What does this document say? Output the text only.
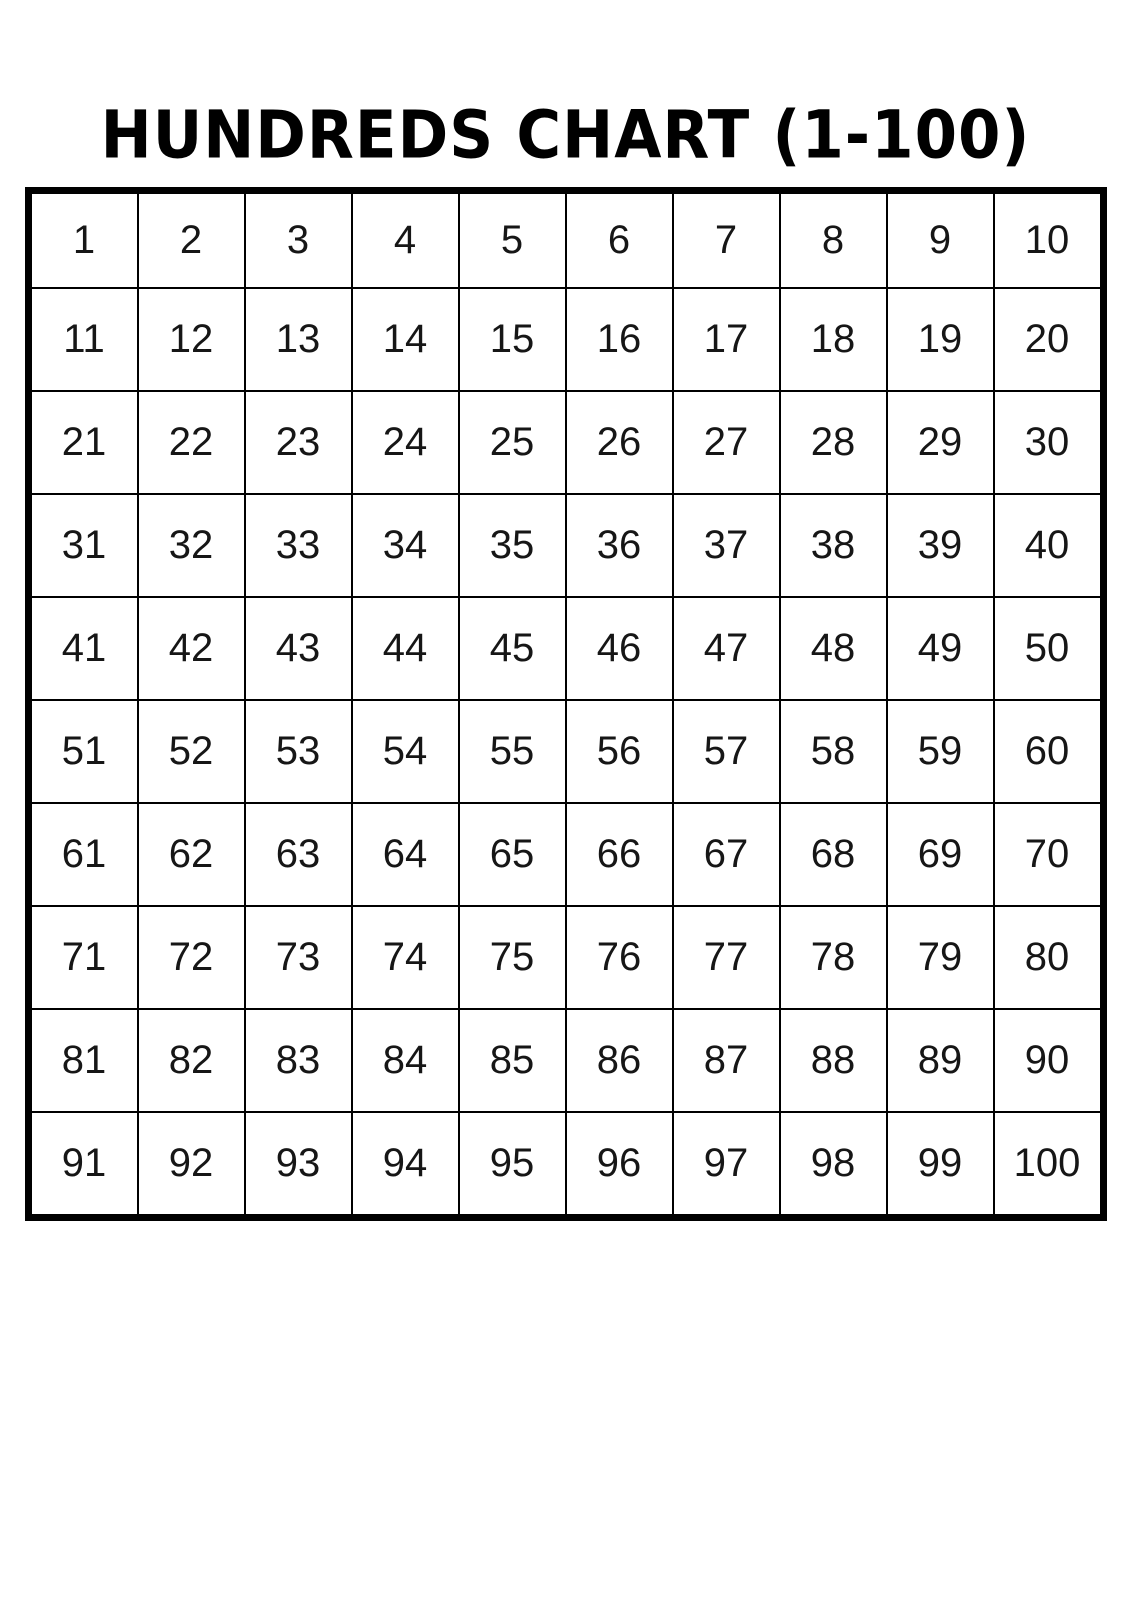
HUNDREDS CHART (1-100)
1	2	3	4	5	6	7	8	9	10
11	12	13	14	15	16	17	18	19	20
21	22	23	24	25	26	27	28	29	30
31	32	33	34	35	36	37	38	39	40
41	42	43	44	45	46	47	48	49	50
51	52	53	54	55	56	57	58	59	60
61	62	63	64	65	66	67	68	69	70
71	72	73	74	75	76	77	78	79	80
81	82	83	84	85	86	87	88	89	90
91	92	93	94	95	96	97	98	99	100
